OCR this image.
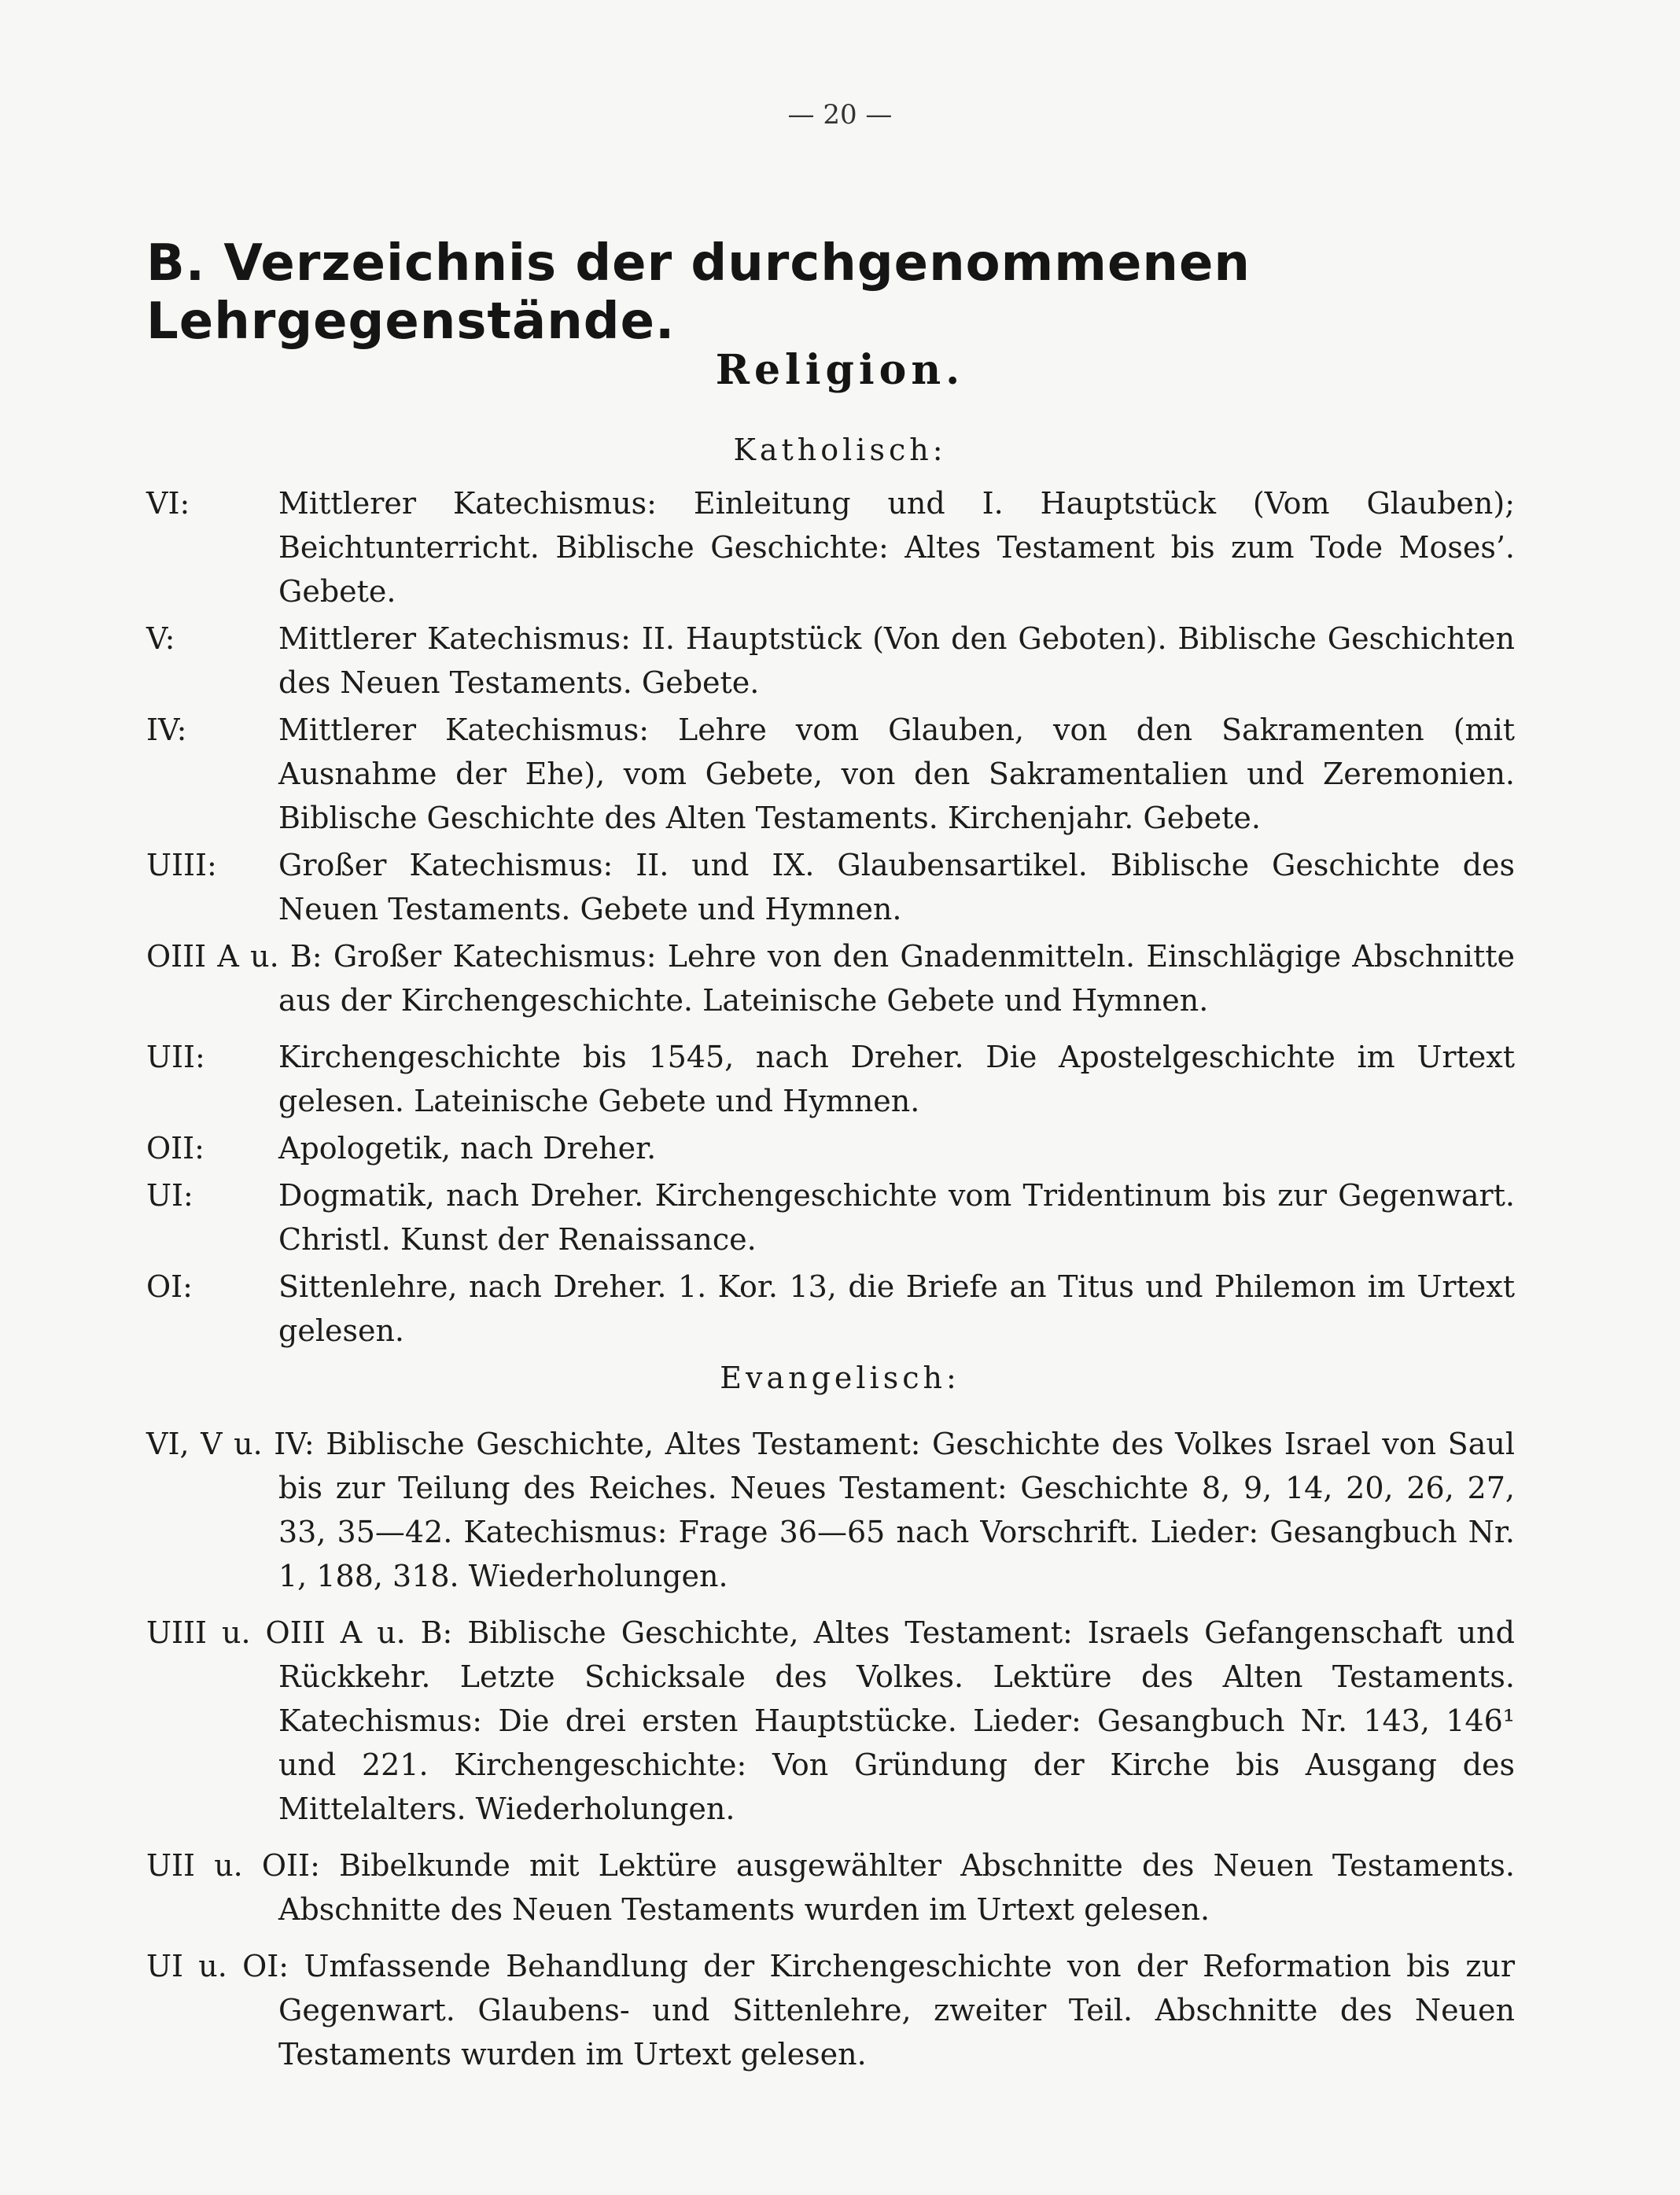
— 20 —
B. Verzeichnis der durchgenommenen Lehrgegenstände.
Religion.
Katholisch:
VI:	Mittlerer Katechismus: Einleitung und I. Hauptstück (Vom Glauben); Beichtunterricht. Biblische Geschichte: Altes Testament bis zum Tode Moses’. Gebete.
V:	Mittlerer Katechismus: II. Hauptstück (Von den Geboten). Biblische Geschichten des Neuen Testaments. Gebete.
IV:	Mittlerer Katechismus: Lehre vom Glauben, von den Sakramenten (mit Ausnahme der Ehe), vom Gebete, von den Sakramentalien und Zeremonien. Biblische Geschichte des Alten Testaments. Kirchenjahr. Gebete.
UIII: Großer Katechismus: II. und IX. Glaubensartikel. Biblische Geschichte des Neuen Testaments. Gebete und Hymnen.
OIII A u. B: Großer Katechismus: Lehre von den Gnadenmitteln. Einschlägige Abschnitte aus der Kirchengeschichte. Lateinische Gebete und Hymnen.
UII: Kirchengeschichte bis 1545, nach Dreher. Die Apostelgeschichte im Urtext gelesen. Lateinische Gebete und Hymnen.
OII: Apologetik, nach Dreher.
UI:	Dogmatik, nach Dreher. Kirchengeschichte vom Tridentinum bis zur Gegenwart. Christl. Kunst der Renaissance.
OI:	Sittenlehre, nach Dreher. 1. Kor. 13, die Briefe an Titus und Philemon im Urtext gelesen.
Evangelisch:
VI, V u. IV: Biblische Geschichte, Altes Testament: Geschichte des Volkes Israel von Saul bis zur Teilung des Reiches. Neues Testament: Geschichte 8, 9, 14, 20, 26, 27, 33, 35—42. Katechismus: Frage 36—65 nach Vorschrift. Lieder: Gesangbuch Nr. 1, 188, 318. Wiederholungen.
UIII u. OIII A u. B: Biblische Geschichte, Altes Testament: Israels Gefangenschaft und Rückkehr. Letzte Schicksale des Volkes. Lektüre des Alten Testaments. Katechismus: Die drei ersten Hauptstücke. Lieder: Gesangbuch Nr. 143, 146¹ und 221. Kirchengeschichte: Von Gründung der Kirche bis Ausgang des Mittelalters. Wiederholungen.
UII u. OII: Bibelkunde mit Lektüre ausgewählter Abschnitte des Neuen Testaments. Abschnitte des Neuen Testaments wurden im Urtext gelesen.
UI u. OI: Umfassende Behandlung der Kirchengeschichte von der Reformation bis zur Gegenwart. Glaubens- und Sittenlehre, zweiter Teil. Abschnitte des Neuen Testaments wurden im Urtext gelesen.
